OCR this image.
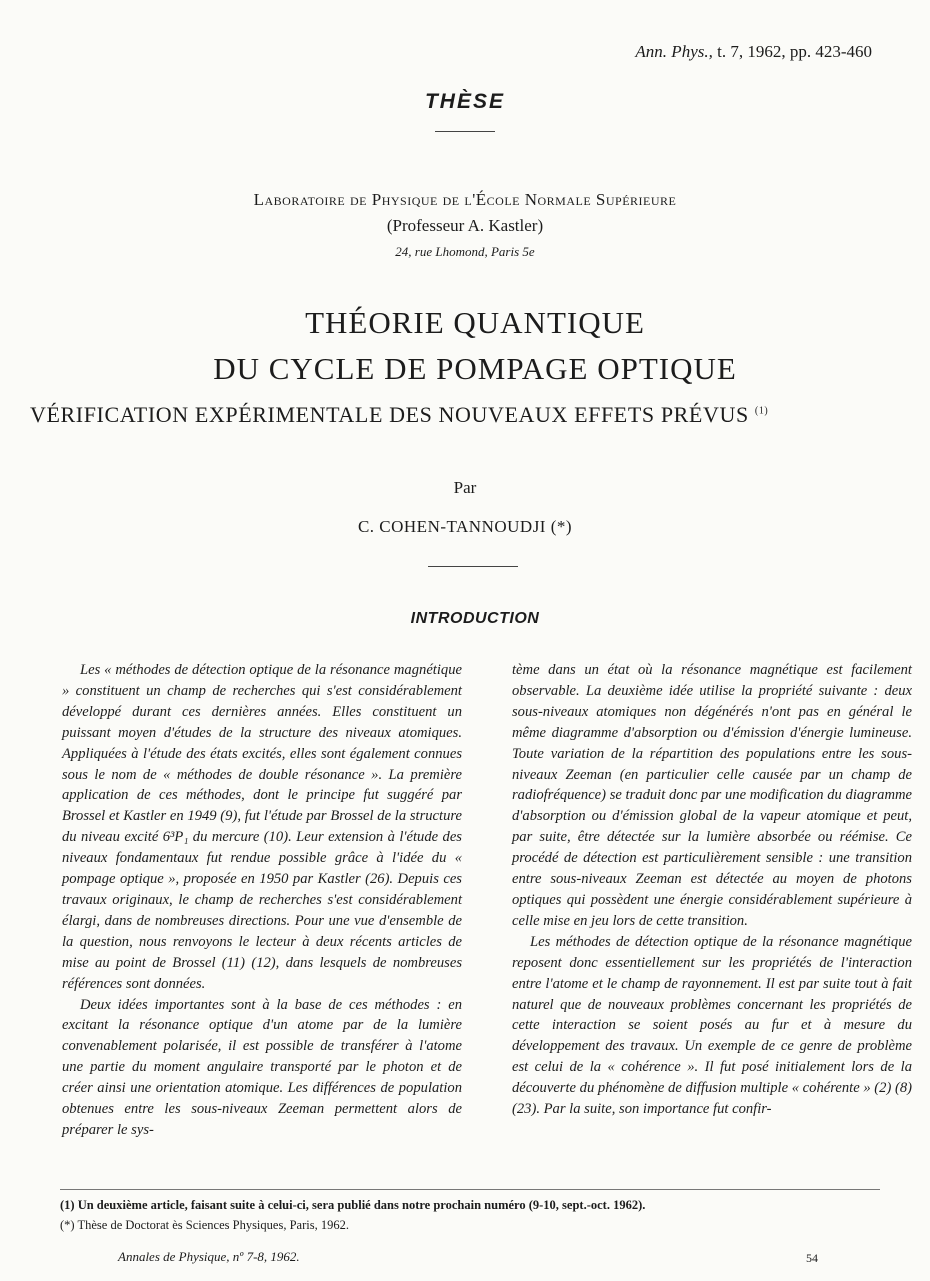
Ann. Phys., t. 7, 1962, pp. 423-460
THÈSE
Laboratoire de Physique de l'École Normale Supérieure
(Professeur A. Kastler)
24, rue Lhomond, Paris 5e
THÉORIE QUANTIQUE
DU CYCLE DE POMPAGE OPTIQUE
VÉRIFICATION EXPÉRIMENTALE DES NOUVEAUX EFFETS PRÉVUS $^{(1)}$
Par
C. COHEN-TANNOUDJI (*)
INTRODUCTION

Les « méthodes de détection optique de la résonance magnétique » constituent un champ de recherches qui s'est considérablement développé durant ces dernières années. Elles constituent un puissant moyen d'études de la structure des niveaux atomiques. Appliquées à l'étude des états excités, elles sont également connues sous le nom de « méthodes de double résonance ». La première application de ces méthodes, dont le principe fut suggéré par Brossel et Kastler en 1949 (9), fut l'étude par Brossel de la structure du niveau excité 6³P₁ du mercure (10). Leur extension à l'étude des niveaux fondamentaux fut rendue possible grâce à l'idée du « pompage optique », proposée en 1950 par Kastler (26). Depuis ces travaux originaux, le champ de recherches s'est considérablement élargi, dans de nombreuses directions. Pour une vue d'ensemble de la question, nous renvoyons le lecteur à deux récents articles de mise au point de Brossel (11) (12), dans lesquels de nombreuses références sont données.

Deux idées importantes sont à la base de ces méthodes : en excitant la résonance optique d'un atome par de la lumière convenablement polarisée, il est possible de transférer à l'atome une partie du moment angulaire transporté par le photon et de créer ainsi une orientation atomique. Les différences de population obtenues entre les sous-niveaux Zeeman permettent alors de préparer le sys-

tème dans un état où la résonance magnétique est facilement observable. La deuxième idée utilise la propriété suivante : deux sous-niveaux atomiques non dégénérés n'ont pas en général le même diagramme d'absorption ou d'émission d'énergie lumineuse. Toute variation de la répartition des populations entre les sous-niveaux Zeeman (en particulier celle causée par un champ de radiofréquence) se traduit donc par une modification du diagramme d'absorption ou d'émission global de la vapeur atomique et peut, par suite, être détectée sur la lumière absorbée ou réémise. Ce procédé de détection est particulièrement sensible : une transition entre sous-niveaux Zeeman est détectée au moyen de photons optiques qui possèdent une énergie considérablement supérieure à celle mise en jeu lors de cette transition.

Les méthodes de détection optique de la résonance magnétique reposent donc essentiellement sur les propriétés de l'interaction entre l'atome et le champ de rayonnement. Il est par suite tout à fait naturel que de nouveaux problèmes concernant les propriétés de cette interaction se soient posés au fur et à mesure du développement des travaux. Un exemple de ce genre de problème est celui de la « cohérence ». Il fut posé initialement lors de la découverte du phénomène de diffusion multiple « cohérente » (2) (8) (23). Par la suite, son importance fut confir-

(1) Un deuxième article, faisant suite à celui-ci, sera publié dans notre prochain numéro (9-10, sept.-oct. 1962).
(*) Thèse de Doctorat ès Sciences Physiques, Paris, 1962.
Annales de Physique, nº 7-8, 1962.	54
